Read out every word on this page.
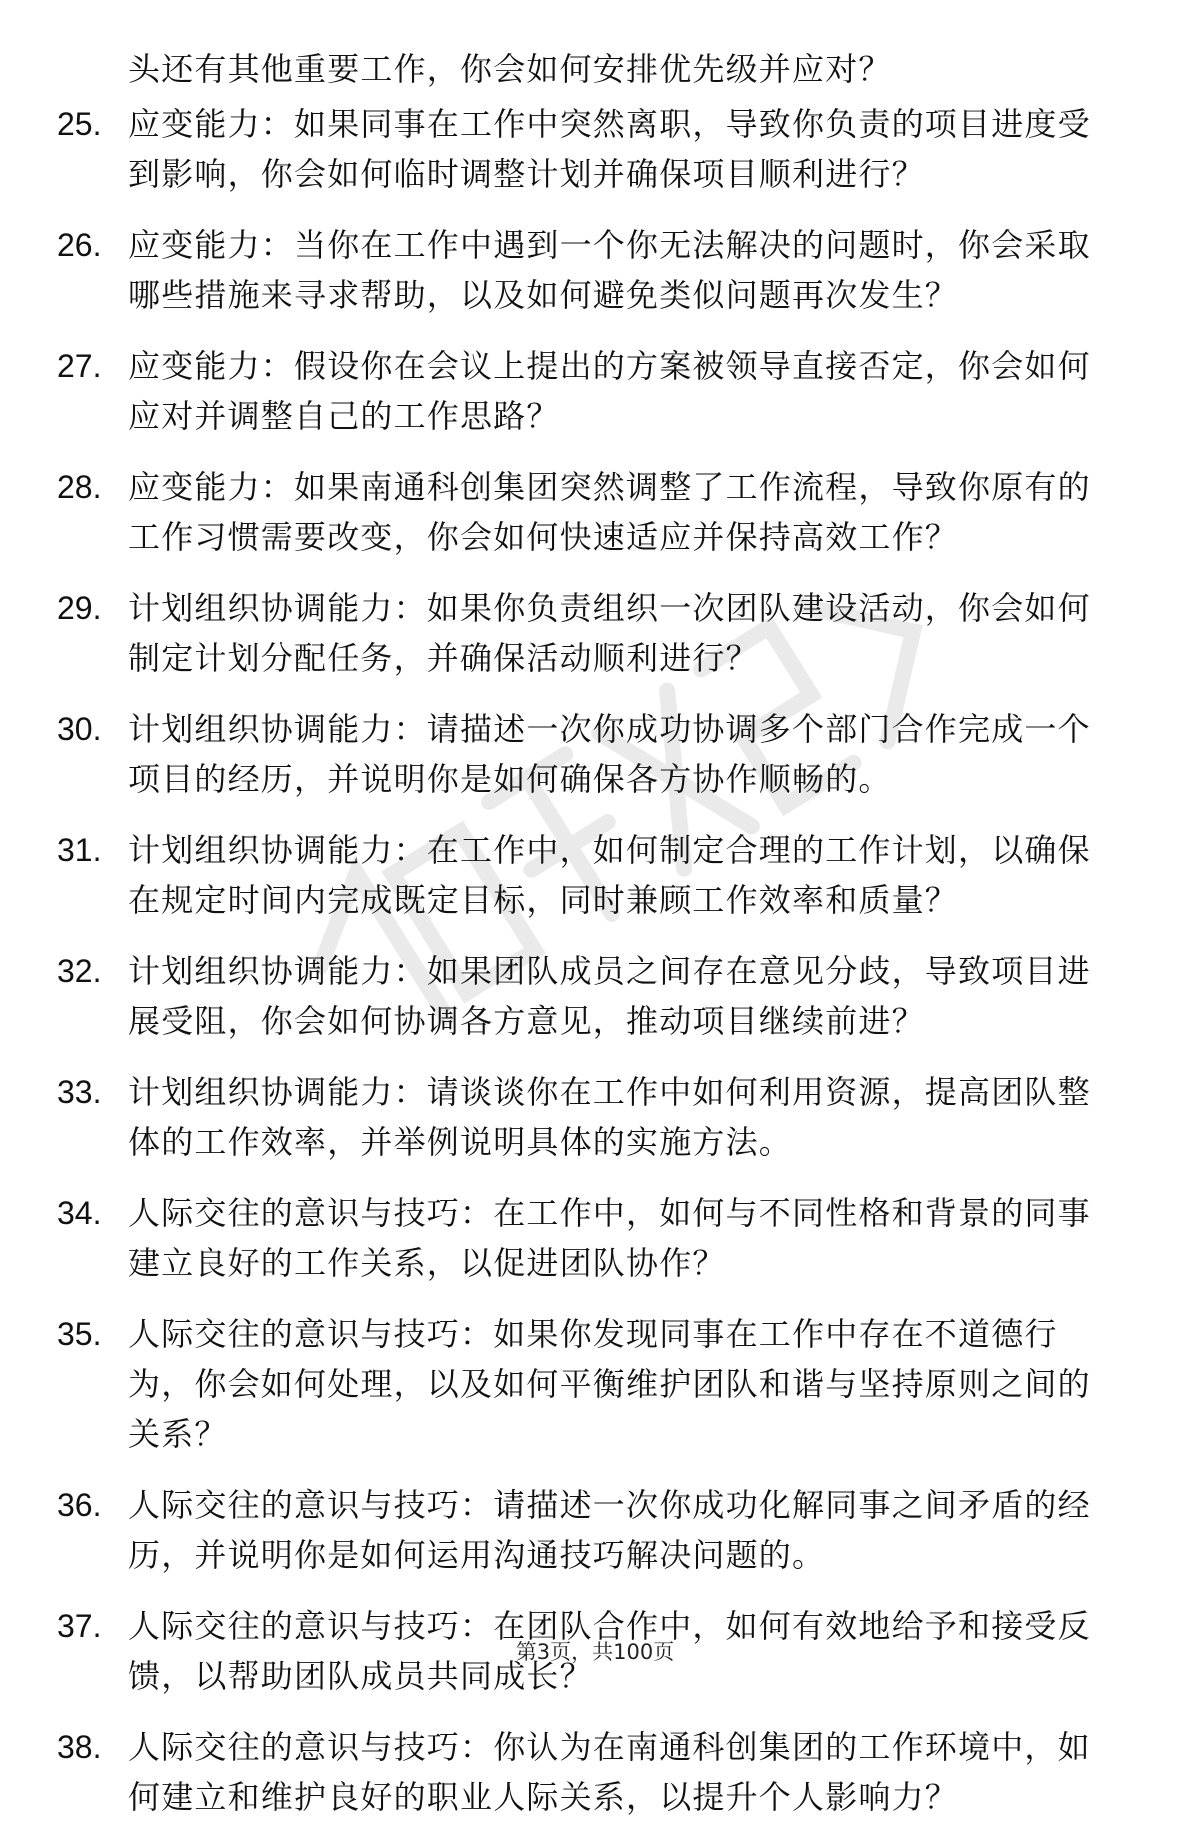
头还有其他重要工作，你会如何安排优先级并应对？
25. 应变能力：如果同事在工作中突然离职，导致你负责的项目进度受到影响，你会如何临时调整计划并确保项目顺利进行？
26. 应变能力：当你在工作中遇到一个你无法解决的问题时，你会采取哪些措施来寻求帮助，以及如何避免类似问题再次发生？
27. 应变能力：假设你在会议上提出的方案被领导直接否定，你会如何应对并调整自己的工作思路？
28. 应变能力：如果南通科创集团突然调整了工作流程，导致你原有的工作习惯需要改变，你会如何快速适应并保持高效工作？
29. 计划组织协调能力：如果你负责组织一次团队建设活动，你会如何制定计划分配任务，并确保活动顺利进行？
30. 计划组织协调能力：请描述一次你成功协调多个部门合作完成一个项目的经历，并说明你是如何确保各方协作顺畅的。
31. 计划组织协调能力：在工作中，如何制定合理的工作计划，以确保在规定时间内完成既定目标，同时兼顾工作效率和质量？
32. 计划组织协调能力：如果团队成员之间存在意见分歧，导致项目进展受阻，你会如何协调各方意见，推动项目继续前进？
33. 计划组织协调能力：请谈谈你在工作中如何利用资源，提高团队整体的工作效率，并举例说明具体的实施方法。
34. 人际交往的意识与技巧：在工作中，如何与不同性格和背景的同事建立良好的工作关系，以促进团队协作？
35. 人际交往的意识与技巧：如果你发现同事在工作中存在不道德行为，你会如何处理，以及如何平衡维护团队和谐与坚持原则之间的关系？
36. 人际交往的意识与技巧：请描述一次你成功化解同事之间矛盾的经历，并说明你是如何运用沟通技巧解决问题的。
37. 人际交往的意识与技巧：在团队合作中，如何有效地给予和接受反馈，以帮助团队成员共同成长？
38. 人际交往的意识与技巧：你认为在南通科创集团的工作环境中，如何建立和维护良好的职业人际关系，以提升个人影响力？
第3页，共100页
